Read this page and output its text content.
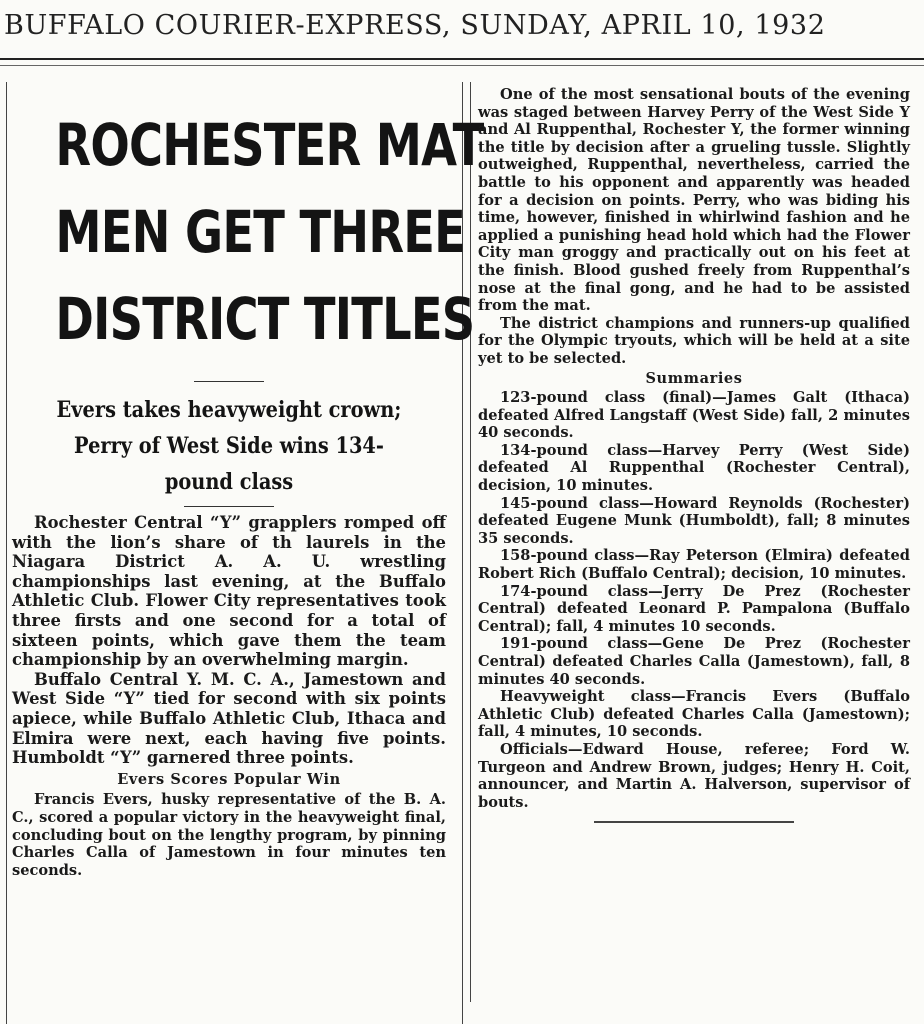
BUFFALO COURIER-EXPRESS, SUNDAY, APRIL 10, 1932
ROCHESTER MAT
MEN GET THREE
DISTRICT TITLES
Evers takes heavyweight crown;
Perry of West Side wins 134-
pound class

Rochester Central “Y” grapplers romped off with the lion’s share of th laurels in the Niagara District A. A. U. wrestling championships last evening, at the Buffalo Athletic Club. Flower City representatives took three firsts and one second for a total of sixteen points, which gave them the team championship by an overwhelming margin.

Buffalo Central Y. M. C. A., Jamestown and West Side “Y” tied for second with six points apiece, while Buffalo Athletic Club, Ithaca and Elmira were next, each having five points. Humboldt “Y” garnered three points.

Evers Scores Popular Win

Francis Evers, husky representative of the B. A. C., scored a popular victory in the heavyweight final, concluding bout on the lengthy program, by pinning Charles Calla of Jamestown in four minutes ten seconds.

One of the most sensational bouts of the evening was staged between Harvey Perry of the West Side Y and Al Ruppenthal, Rochester Y, the former winning the title by decision after a grueling tussle. Slightly outweighed, Ruppenthal, nevertheless, carried the battle to his opponent and apparently was headed for a decision on points. Perry, who was biding his time, however, finished in whirlwind fashion and he applied a punishing head hold which had the Flower City man groggy and practically out on his feet at the finish. Blood gushed freely from Ruppenthal’s nose at the final gong, and he had to be assisted from the mat.

The district champions and runners-up qualified for the Olympic tryouts, which will be held at a site yet to be selected.

Summaries

123-pound class (final)—James Galt (Ithaca) defeated Alfred Langstaff (West Side) fall, 2 minutes 40 seconds.

134-pound class—Harvey Perry (West Side) defeated Al Ruppenthal (Rochester Central), decision, 10 minutes.

145-pound class—Howard Reynolds (Rochester) defeated Eugene Munk (Humboldt), fall; 8 minutes 35 seconds.

158-pound class—Ray Peterson (Elmira) defeated Robert Rich (Buffalo Central); decision, 10 minutes.

174-pound class—Jerry De Prez (Rochester Central) defeated Leonard P. Pampalona (Buffalo Central); fall, 4 minutes 10 seconds.

191-pound class—Gene De Prez (Rochester Central) defeated Charles Calla (Jamestown), fall, 8 minutes 40 seconds.

Heavyweight class—Francis Evers (Buffalo Athletic Club) defeated Charles Calla (Jamestown); fall, 4 minutes, 10 seconds.

Officials—Edward House, referee; Ford W. Turgeon and Andrew Brown, judges; Henry H. Coit, announcer, and Martin A. Halverson, supervisor of bouts.
